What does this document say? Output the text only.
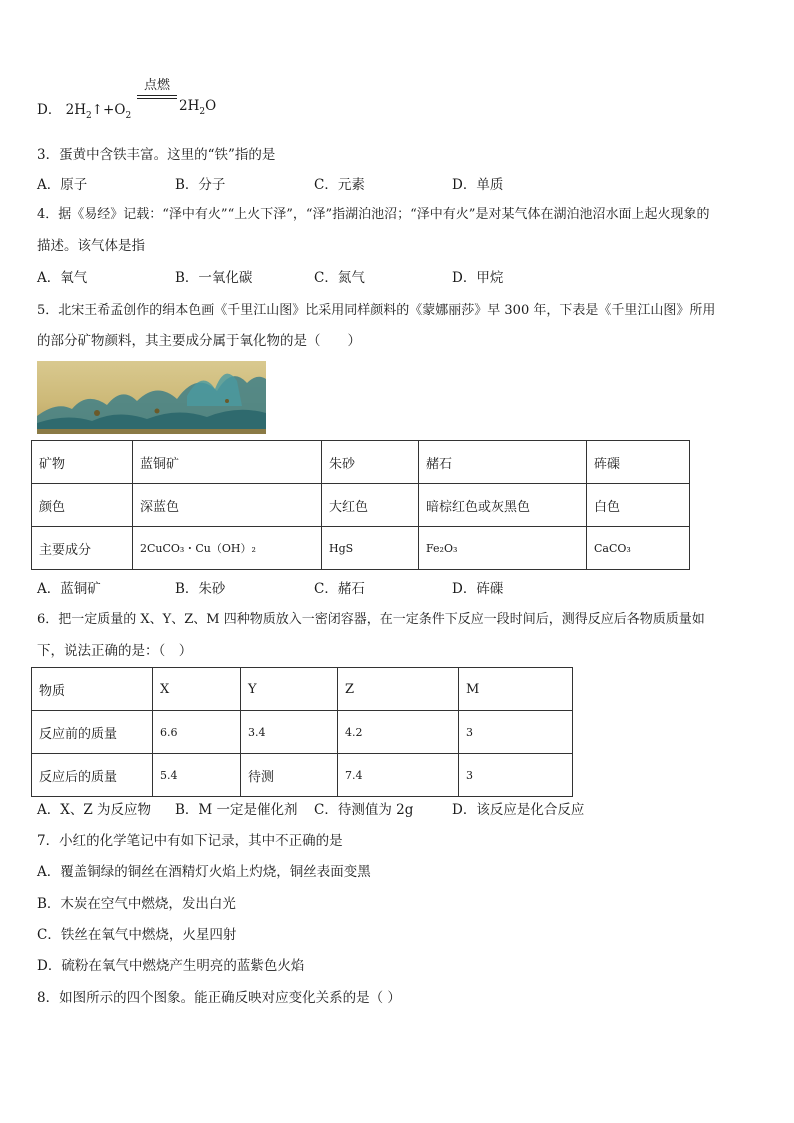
D． $2H_2↑+O_2$
点燃
$2H_2O$
3．蛋黄中含铁丰富。这里的“铁”指的是
A．原子	B．分子	C．元素	D．单质
4．据《易经》记载：“泽中有火”“上火下泽”，“泽”指湖泊池沼；“泽中有火”是对某气体在湖泊池沼水面上起火现象的
描述。该气体是指
A．氧气	B．一氧化碳	C．氮气	D．甲烷
5．北宋王希孟创作的绢本色画《千里江山图》比采用同样颜料的《蒙娜丽莎》早 300 年，下表是《千里江山图》所用
的部分矿物颜料，其主要成分属于氧化物的是（　　）
矿物	蓝铜矿	朱砂	赭石	砗磲
颜色	深蓝色	大红色	暗棕红色或灰黑色	白色
主要成分	2CuCO₃・Cu（OH）₂	HgS	Fe₂O₃	CaCO₃
A．蓝铜矿	B．朱砂	C．赭石	D．砗磲
6．把一定质量的 X、Y、Z、M 四种物质放入一密闭容器，在一定条件下反应一段时间后，测得反应后各物质质量如
下，说法正确的是：（　）
物质	X	Y	Z	M
反应前的质量	6.6	3.4	4.2	3
反应后的质量	5.4	待测	7.4	3
A．X、Z 为反应物 B．M 一定是催化剂 C．待测值为 2g	D．该反应是化合反应
7．小红的化学笔记中有如下记录，其中不正确的是
A．覆盖铜绿的铜丝在酒精灯火焰上灼烧，铜丝表面变黑
B．木炭在空气中燃烧，发出白光
C．铁丝在氧气中燃烧，火星四射
D．硫粉在氧气中燃烧产生明亮的蓝紫色火焰
8．如图所示的四个图象。能正确反映对应变化关系的是（ ）
